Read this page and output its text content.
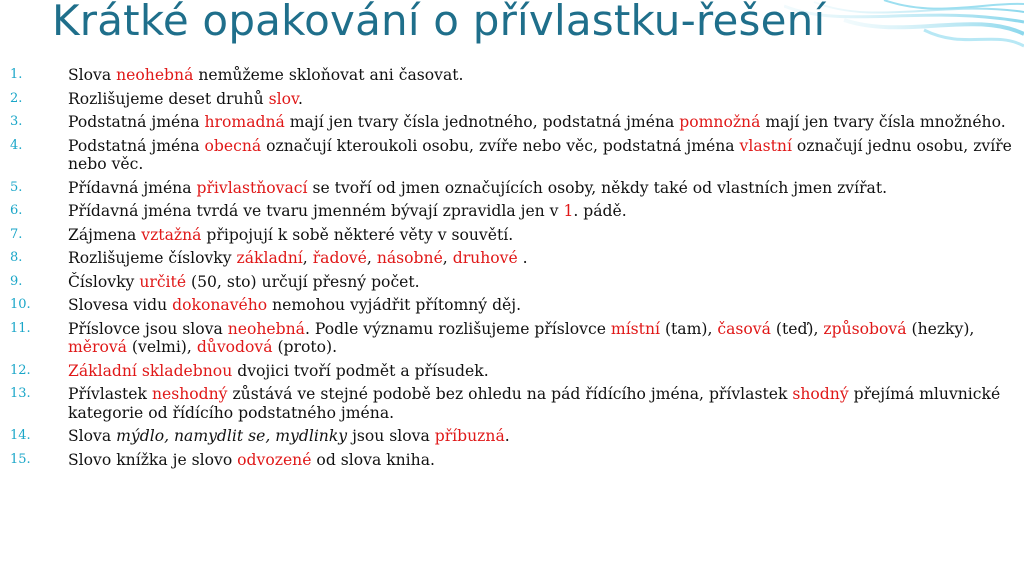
Krátké opakování o přívlastku-řešení
1.	Slova neohebná nemůžeme skloňovat ani časovat.
2.	Rozlišujeme deset druhů slov.
3.	Podstatná jména hromadná mají jen tvary čísla jednotného, podstatná jména pomnožná mají jen tvary čísla množného.
4.	Podstatná jména obecná označují kteroukoli osobu, zvíře nebo věc, podstatná jména vlastní označují jednu osobu, zvíře nebo věc.
5.	Přídavná jména přivlastňovací se tvoří od jmen označujících osoby, někdy také od vlastních jmen zvířat.
6.	Přídavná jména tvrdá ve tvaru jmenném bývají zpravidla jen v 1. pádě.
7.	Zájmena vztažná připojují k sobě některé věty v souvětí.
8.	Rozlišujeme číslovky základní, řadové, násobné, druhové .
9.	Číslovky určité (50, sto) určují přesný počet.
10. Slovesa vidu dokonavého nemohou vyjádřit přítomný děj.
11. Příslovce jsou slova neohebná. Podle významu rozlišujeme příslovce místní (tam), časová (teď), způsobová (hezky), měrová (velmi), důvodová (proto).
12. Základní skladebnou dvojici tvoří podmět a přísudek.
13. Přívlastek neshodný zůstává ve stejné podobě bez ohledu na pád řídícího jména, přívlastek shodný přejímá mluvnické kategorie od řídícího podstatného jména.
14. Slova mýdlo, namydlit se, mydlinky jsou slova příbuzná.
15. Slovo knížka je slovo odvozené od slova kniha.
